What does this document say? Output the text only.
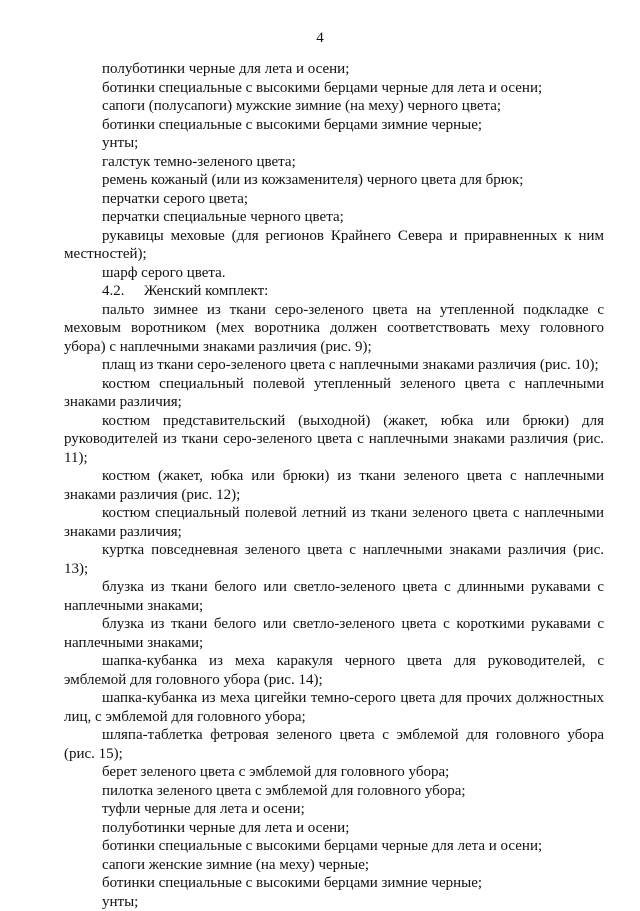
4

полуботинки черные для лета и осени;

ботинки специальные с высокими берцами черные для лета и осени;

сапоги (полусапоги) мужские зимние (на меху) черного цвета;

ботинки специальные с высокими берцами зимние черные;

унты;

галстук темно-зеленого цвета;

ремень кожаный (или из кожзаменителя) черного цвета для брюк;

перчатки серого цвета;

перчатки специальные черного цвета;

рукавицы меховые (для регионов Крайнего Севера и приравненных к ним местностей);

шарф серого цвета.

4.2. Женский комплект:

пальто зимнее из ткани серо-зеленого цвета на утепленной подкладке с меховым воротником (мех воротника должен соответствовать меху головного убора) с наплечными знаками различия (рис. 9);

плащ из ткани серо-зеленого цвета с наплечными знаками различия (рис. 10);

костюм специальный полевой утепленный зеленого цвета с наплечными знаками различия;

костюм представительский (выходной) (жакет, юбка или брюки) для руководителей из ткани серо-зеленого цвета с наплечными знаками различия (рис. 11);

костюм (жакет, юбка или брюки) из ткани зеленого цвета с наплечными знаками различия (рис. 12);

костюм специальный полевой летний из ткани зеленого цвета с наплечными знаками различия;

куртка повседневная зеленого цвета с наплечными знаками различия (рис. 13);

блузка из ткани белого или светло-зеленого цвета с длинными рукавами с наплечными знаками;

блузка из ткани белого или светло-зеленого цвета с короткими рукавами с наплечными знаками;

шапка-кубанка из меха каракуля черного цвета для руководителей, с эмблемой для головного убора (рис. 14);

шапка-кубанка из меха цигейки темно-серого цвета для прочих должностных лиц, с эмблемой для головного убора;

шляпа-таблетка фетровая зеленого цвета с эмблемой для головного убора (рис. 15);

берет зеленого цвета с эмблемой для головного убора;

пилотка зеленого цвета с эмблемой для головного убора;

туфли черные для лета и осени;

полуботинки черные для лета и осени;

ботинки специальные с высокими берцами черные для лета и осени;

сапоги женские зимние (на меху) черные;

ботинки специальные с высокими берцами зимние черные;

унты;
